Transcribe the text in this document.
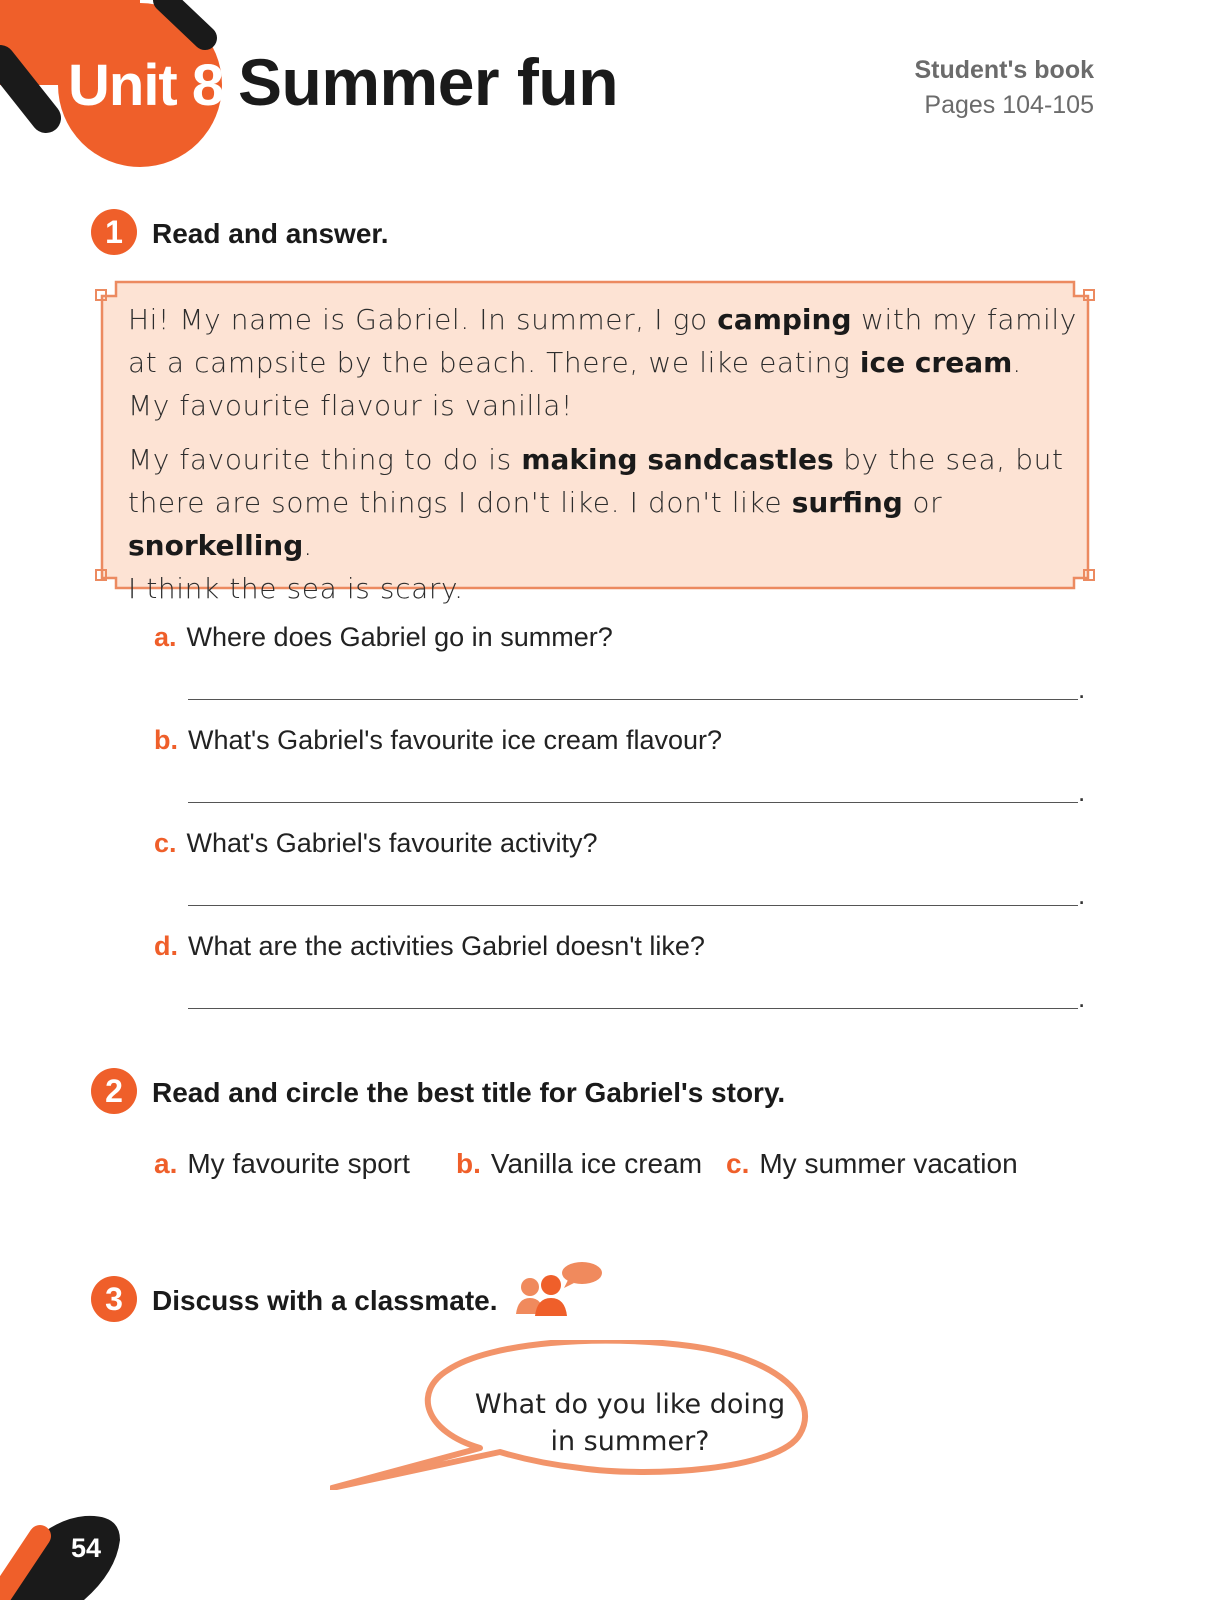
Unit 8 Summer fun	Student's book
Pages 104-105
1	Read and answer.

Hi! My name is Gabriel. In summer, I go camping with my family at a campsite by the beach. There, we like eating ice cream.
My favourite flavour is vanilla!

My favourite thing to do is making sandcastles by the sea, but there are some things I don't like. I don't like surfing or snorkelling.
I think the sea is scary.

a. Where does Gabriel go in summer?
.
b. What's Gabriel's favourite ice cream flavour?
.
c. What's Gabriel's favourite activity?
.
d. What are the activities Gabriel doesn't like?
.
2	Read and circle the best title for Gabriel's story.
a. My favourite sport b. Vanilla ice cream c. My summer vacation
3	Discuss with a classmate.
What do you like doing
in summer?
54
